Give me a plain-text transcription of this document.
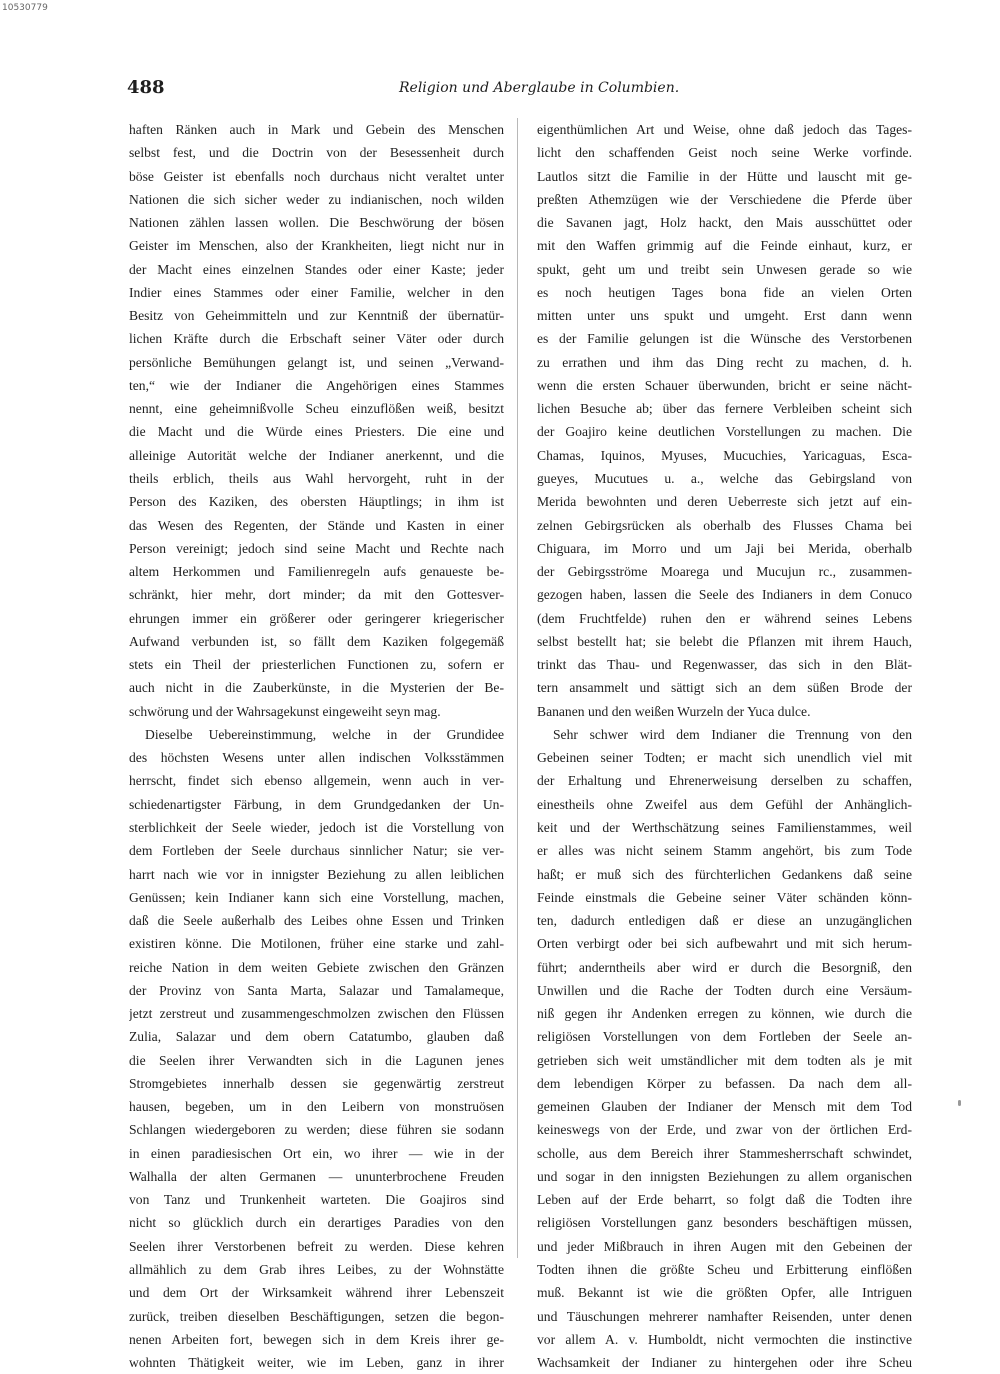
10530779
488	Religion und Aberglaube in Columbien.
haften Ränken auch in Mark und Gebein des Menschen
selbst fest, und die Doctrin von der Besessenheit durch
böse Geister ist ebenfalls noch durchaus nicht veraltet unter
Nationen die sich sicher weder zu indianischen, noch wilden
Nationen zählen lassen wollen. Die Beschwörung der bösen
Geister im Menschen, also der Krankheiten, liegt nicht nur in
der Macht eines einzelnen Standes oder einer Kaste; jeder
Indier eines Stammes oder einer Familie, welcher in den
Besitz von Geheimmitteln und zur Kenntniß der übernatür-
lichen Kräfte durch die Erbschaft seiner Väter oder durch
persönliche Bemühungen gelangt ist, und seinen „Verwand-
ten,“ wie der Indianer die Angehörigen eines Stammes
nennt, eine geheimnißvolle Scheu einzuflößen weiß, besitzt
die Macht und die Würde eines Priesters. Die eine und
alleinige Autorität welche der Indianer anerkennt, und die
theils erblich, theils aus Wahl hervorgeht, ruht in der
Person des Kaziken, des obersten Häuptlings; in ihm ist
das Wesen des Regenten, der Stände und Kasten in einer
Person vereinigt; jedoch sind seine Macht und Rechte nach
altem Herkommen und Familienregeln aufs genaueste be-
schränkt, hier mehr, dort minder; da mit den Gottesver-
ehrungen immer ein größerer oder geringerer kriegerischer
Aufwand verbunden ist, so fällt dem Kaziken folgegemäß
stets ein Theil der priesterlichen Functionen zu, sofern er
auch nicht in die Zauberkünste, in die Mysterien der Be-
schwörung und der Wahrsagekunst eingeweiht seyn mag.
Dieselbe Uebereinstimmung, welche in der Grundidee
des höchsten Wesens unter allen indischen Volksstämmen
herrscht, findet sich ebenso allgemein, wenn auch in ver-
schiedenartigster Färbung, in dem Grundgedanken der Un-
sterblichkeit der Seele wieder, jedoch ist die Vorstellung von
dem Fortleben der Seele durchaus sinnlicher Natur; sie ver-
harrt nach wie vor in innigster Beziehung zu allen leiblichen
Genüssen; kein Indianer kann sich eine Vorstellung, machen,
daß die Seele außerhalb des Leibes ohne Essen und Trinken
existiren könne. Die Motilonen, früher eine starke und zahl-
reiche Nation in dem weiten Gebiete zwischen den Gränzen
der Provinz von Santa Marta, Salazar und Tamalameque,
jetzt zerstreut und zusammengeschmolzen zwischen den Flüssen
Zulia, Salazar und dem obern Catatumbo, glauben daß
die Seelen ihrer Verwandten sich in die Lagunen jenes
Stromgebietes innerhalb dessen sie gegenwärtig zerstreut
hausen, begeben, um in den Leibern von monstruösen
Schlangen wiedergeboren zu werden; diese führen sie sodann
in einen paradiesischen Ort ein, wo ihrer — wie in der
Walhalla der alten Germanen — ununterbrochene Freuden
von Tanz und Trunkenheit warteten. Die Goajiros sind
nicht so glücklich durch ein derartiges Paradies von den
Seelen ihrer Verstorbenen befreit zu werden. Diese kehren
allmählich zu dem Grab ihres Leibes, zu der Wohnstätte
und dem Ort der Wirksamkeit während ihrer Lebenszeit
zurück, treiben dieselben Beschäftigungen, setzen die begon-
nenen Arbeiten fort, bewegen sich in dem Kreis ihrer ge-
wohnten Thätigkeit weiter, wie im Leben, ganz in ihrer
eigenthümlichen Art und Weise, ohne daß jedoch das Tages-
licht den schaffenden Geist noch seine Werke vorfinde.
Lautlos sitzt die Familie in der Hütte und lauscht mit ge-
preßten Athemzügen wie der Verschiedene die Pferde über
die Savanen jagt, Holz hackt, den Mais ausschüttet oder
mit den Waffen grimmig auf die Feinde einhaut, kurz, er
spukt, geht um und treibt sein Unwesen gerade so wie
es noch heutigen Tages bona fide an vielen Orten
mitten unter uns spukt und umgeht. Erst dann wenn
es der Familie gelungen ist die Wünsche des Verstorbenen
zu errathen und ihm das Ding recht zu machen, d. h.
wenn die ersten Schauer überwunden, bricht er seine nächt-
lichen Besuche ab; über das fernere Verbleiben scheint sich
der Goajiro keine deutlichen Vorstellungen zu machen. Die
Chamas, Iquinos, Myuses, Mucuchies, Yaricaguas, Esca-
gueyes, Mucutues u. a., welche das Gebirgsland von
Merida bewohnten und deren Ueberreste sich jetzt auf ein-
zelnen Gebirgsrücken als oberhalb des Flusses Chama bei
Chiguara, im Morro und um Jaji bei Merida, oberhalb
der Gebirgsströme Moarega und Mucujun rc., zusammen-
gezogen haben, lassen die Seele des Indianers in dem Conuco
(dem Fruchtfelde) ruhen den er während seines Lebens
selbst bestellt hat; sie belebt die Pflanzen mit ihrem Hauch,
trinkt das Thau- und Regenwasser, das sich in den Blät-
tern ansammelt und sättigt sich an dem süßen Brode der
Bananen und den weißen Wurzeln der Yuca dulce.
Sehr schwer wird dem Indianer die Trennung von den
Gebeinen seiner Todten; er macht sich unendlich viel mit
der Erhaltung und Ehrenerweisung derselben zu schaffen,
einestheils ohne Zweifel aus dem Gefühl der Anhänglich-
keit und der Werthschätzung seines Familienstammes, weil
er alles was nicht seinem Stamm angehört, bis zum Tode
haßt; er muß sich des fürchterlichen Gedankens daß seine
Feinde einstmals die Gebeine seiner Väter schänden könn-
ten, dadurch entledigen daß er diese an unzugänglichen
Orten verbirgt oder bei sich aufbewahrt und mit sich herum-
führt; anderntheils aber wird er durch die Besorgniß, den
Unwillen und die Rache der Todten durch eine Versäum-
niß gegen ihr Andenken erregen zu können, wie durch die
religiösen Vorstellungen von dem Fortleben der Seele an-
getrieben sich weit umständlicher mit dem todten als je mit
dem lebendigen Körper zu befassen. Da nach dem all-
gemeinen Glauben der Indianer der Mensch mit dem Tod
keineswegs von der Erde, und zwar von der örtlichen Erd-
scholle, aus dem Bereich ihrer Stammesherrschaft schwindet,
und sogar in den innigsten Beziehungen zu allem organischen
Leben auf der Erde beharrt, so folgt daß die Todten ihre
religiösen Vorstellungen ganz besonders beschäftigen müssen,
und jeder Mißbrauch in ihren Augen mit den Gebeinen der
Todten ihnen die größte Scheu und Erbitterung einflößen
muß. Bekannt ist wie die größten Opfer, alle Intriguen
und Täuschungen mehrerer namhafter Reisenden, unter denen
vor allem A. v. Humboldt, nicht vermochten die instinctive
Wachsamkeit der Indianer zu hintergehen oder ihre Scheu
